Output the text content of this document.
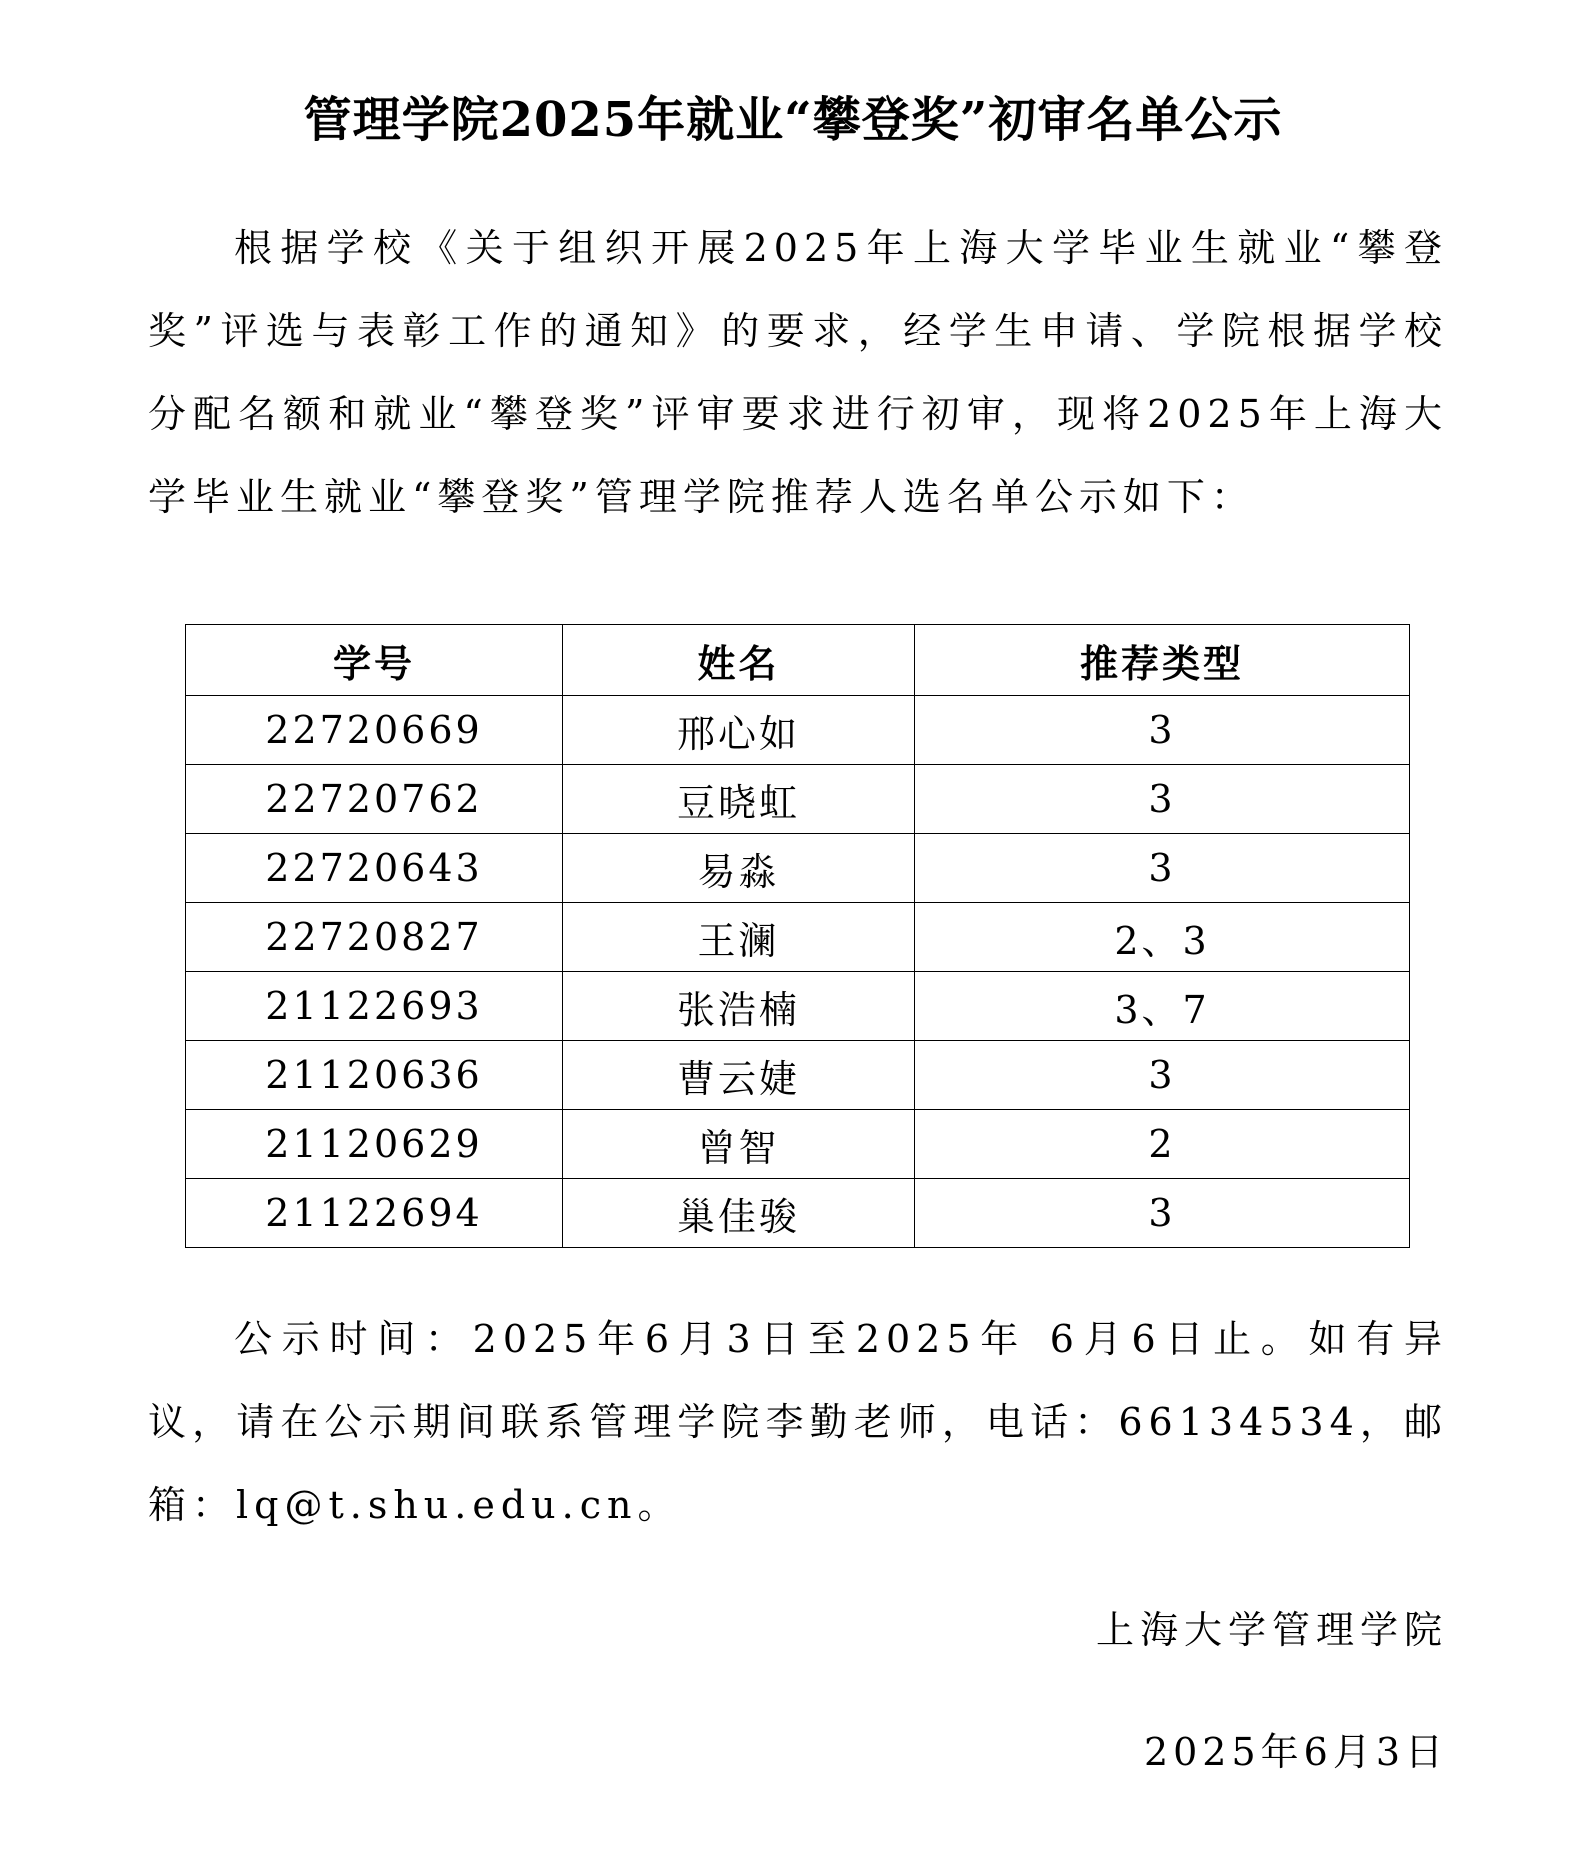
管理学院2025年就业“攀登奖”初审名单公示

根据学校《关于组织开展2025年上海大学毕业生就业“攀登奖”评选与表彰工作的通知》的要求，经学生申请、学院根据学校分配名额和就业“攀登奖”评审要求进行初审，现将2025年上海大学毕业生就业“攀登奖”管理学院推荐人选名单公示如下：

学号	姓名	推荐类型
22720669	邢心如	3
22720762	豆晓虹	3
22720643	易淼	3
22720827	王澜	2、3
21122693	张浩楠	3、7
21120636	曹云婕	3
21120629	曾智	2
21122694	巢佳骏	3

公示时间：2025年6月3日至2025年 6月6日止。如有异议，请在公示期间联系管理学院李勤老师，电话：66134534，邮箱：lq@t.shu.edu.cn。

上海大学管理学院
2025年6月3日
